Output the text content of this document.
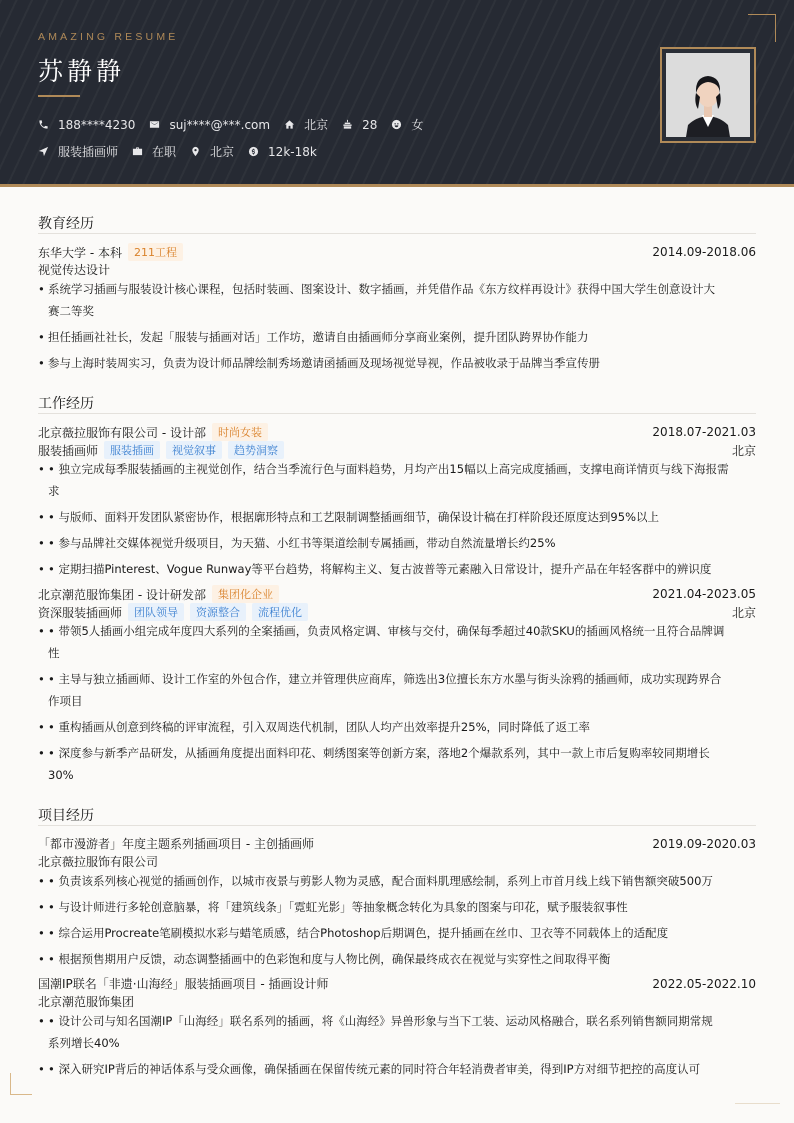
AMAZING RESUME
苏静静
188****4230	suj****@***.com	北京	28	女
服装插画师	在职	北京	12k-18k
教育经历
东华大学 - 本科	211工程	2014.09-2018.06
视觉传达设计
• 系统学习插画与服装设计核心课程，包括时装画、图案设计、数字插画，并凭借作品《东方纹样再设计》获得中国大学生创意设计大
赛二等奖
• 担任插画社社长，发起「服装与插画对话」工作坊，邀请自由插画师分享商业案例，提升团队跨界协作能力
• 参与上海时装周实习，负责为设计师品牌绘制秀场邀请函插画及现场视觉导视，作品被收录于品牌当季宣传册
工作经历
北京薇拉服饰有限公司 - 设计部	时尚女装	2018.07-2021.03
服装插画师	服装插画	视觉叙事	趋势洞察	北京
• • 独立完成每季服装插画的主视觉创作，结合当季流行色与面料趋势，月均产出15幅以上高完成度插画，支撑电商详情页与线下海报需
求
• • 与版师、面料开发团队紧密协作，根据廓形特点和工艺限制调整插画细节，确保设计稿在打样阶段还原度达到95%以上
• • 参与品牌社交媒体视觉升级项目，为天猫、小红书等渠道绘制专属插画，带动自然流量增长约25%
• • 定期扫描Pinterest、Vogue Runway等平台趋势，将解构主义、复古波普等元素融入日常设计，提升产品在年轻客群中的辨识度
北京潮范服饰集团 - 设计研发部	集团化企业	2021.04-2023.05
资深服装插画师	团队领导	资源整合	流程优化	北京
• • 带领5人插画小组完成年度四大系列的全案插画，负责风格定调、审核与交付，确保每季超过40款SKU的插画风格统一且符合品牌调
性
• • 主导与独立插画师、设计工作室的外包合作，建立并管理供应商库，筛选出3位擅长东方水墨与街头涂鸦的插画师，成功实现跨界合
作项目
• • 重构插画从创意到终稿的评审流程，引入双周迭代机制，团队人均产出效率提升25%，同时降低了返工率
• • 深度参与新季产品研发，从插画角度提出面料印花、刺绣图案等创新方案，落地2个爆款系列，其中一款上市后复购率较同期增长
30%
项目经历
「都市漫游者」年度主题系列插画项目 - 主创插画师	2019.09-2020.03
北京薇拉服饰有限公司
• • 负责该系列核心视觉的插画创作，以城市夜景与剪影人物为灵感，配合面料肌理感绘制，系列上市首月线上线下销售额突破500万
• • 与设计师进行多轮创意脑暴，将「建筑线条」「霓虹光影」等抽象概念转化为具象的图案与印花，赋予服装叙事性
• • 综合运用Procreate笔刷模拟水彩与蜡笔质感，结合Photoshop后期调色，提升插画在丝巾、卫衣等不同载体上的适配度
• • 根据预售期用户反馈，动态调整插画中的色彩饱和度与人物比例，确保最终成衣在视觉与实穿性之间取得平衡
国潮IP联名「非遗·山海经」服装插画项目 - 插画设计师	2022.05-2022.10
北京潮范服饰集团
• • 设计公司与知名国潮IP「山海经」联名系列的插画，将《山海经》异兽形象与当下工装、运动风格融合，联名系列销售额同期常规
系列增长40%
• • 深入研究IP背后的神话体系与受众画像，确保插画在保留传统元素的同时符合年轻消费者审美，得到IP方对细节把控的高度认可
